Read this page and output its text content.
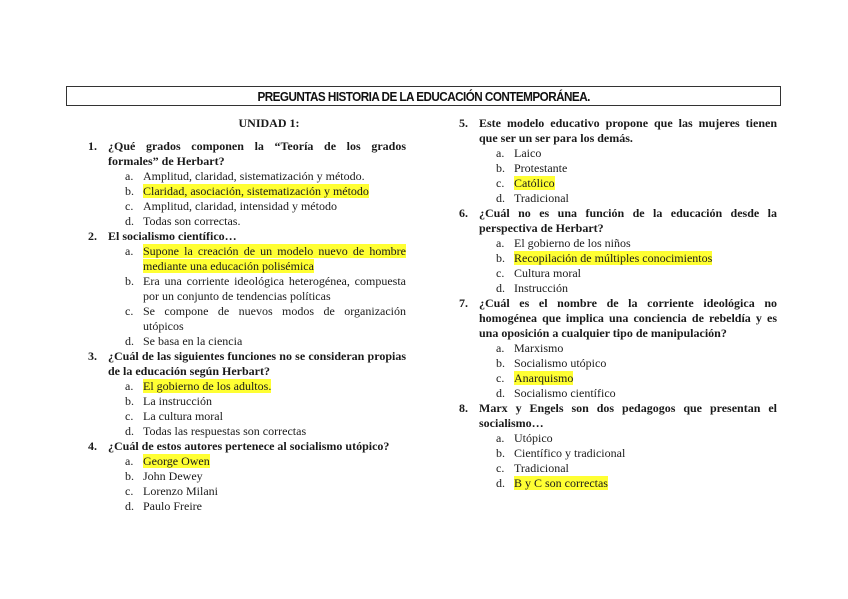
PREGUNTAS HISTORIA DE LA EDUCACIÓN CONTEMPORÁNEA.
UNIDAD 1:
1. ¿Qué grados componen la “Teoría de los grados formales” de Herbart?
a. Amplitud, claridad, sistematización y método.
b. Claridad, asociación, sistematización y método
c. Amplitud, claridad, intensidad y método
d. Todas son correctas.
2. El socialismo científico…
a. Supone la creación de un modelo nuevo de hombre mediante una educación polisémica
b. Era una corriente ideológica heterogénea, compuesta por un conjunto de tendencias políticas
c. Se compone de nuevos modos de organización utópicos
d. Se basa en la ciencia
3. ¿Cuál de las siguientes funciones no se consideran propias de la educación según Herbart?
a. El gobierno de los adultos.
b. La instrucción
c. La cultura moral
d. Todas las respuestas son correctas
4. ¿Cuál de estos autores pertenece al socialismo utópico?
a. George Owen
b. John Dewey
c. Lorenzo Milani
d. Paulo Freire
5. Este modelo educativo propone que las mujeres tienen que ser un ser para los demás.
a. Laico
b. Protestante
c. Católico
d. Tradicional
6. ¿Cuál no es una función de la educación desde la perspectiva de Herbart?
a. El gobierno de los niños
b. Recopilación de múltiples conocimientos
c. Cultura moral
d. Instrucción
7. ¿Cuál es el nombre de la corriente ideológica no homogénea que implica una conciencia de rebeldía y es una oposición a cualquier tipo de manipulación?
a. Marxismo
b. Socialismo utópico
c. Anarquismo
d. Socialismo científico
8. Marx y Engels son dos pedagogos que presentan el socialismo…
a. Utópico
b. Científico y tradicional
c. Tradicional
d. B y C son correctas
